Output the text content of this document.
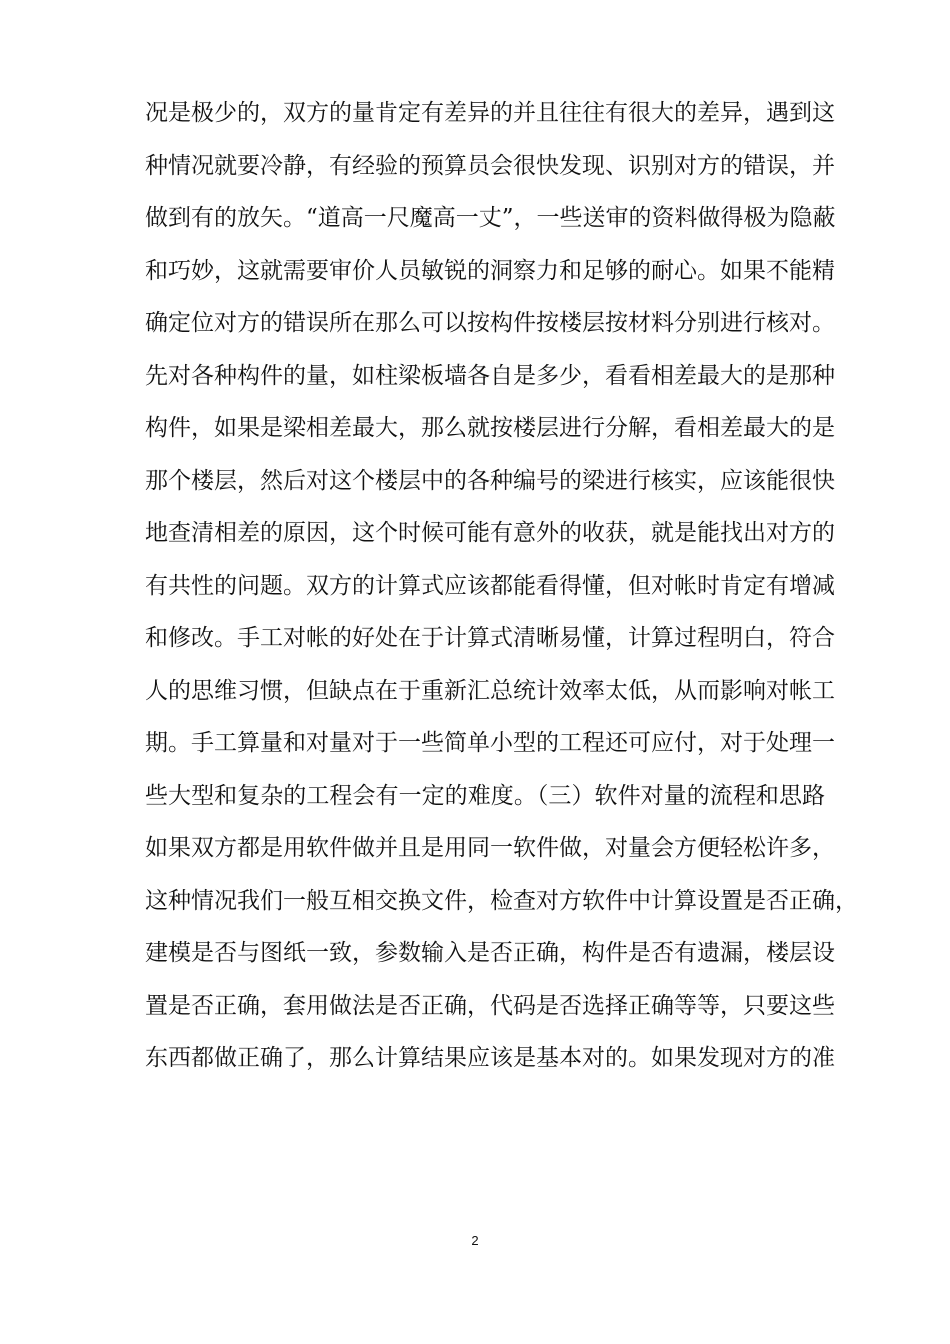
况是极少的，双方的量肯定有差异的并且往往有很大的差异，遇到这
种情况就要冷静，有经验的预算员会很快发现、识别对方的错误，并
做到有的放矢。“道高一尺魔高一丈”，一些送审的资料做得极为隐蔽
和巧妙，这就需要审价人员敏锐的洞察力和足够的耐心。如果不能精
确定位对方的错误所在那么可以按构件按楼层按材料分别进行核对。
先对各种构件的量，如柱梁板墙各自是多少，看看相差最大的是那种
构件，如果是梁相差最大，那么就按楼层进行分解，看相差最大的是
那个楼层，然后对这个楼层中的各种编号的梁进行核实，应该能很快
地查清相差的原因，这个时候可能有意外的收获，就是能找出对方的
有共性的问题。双方的计算式应该都能看得懂，但对帐时肯定有增减
和修改。手工对帐的好处在于计算式清晰易懂，计算过程明白，符合
人的思维习惯，但缺点在于重新汇总统计效率太低，从而影响对帐工
期。手工算量和对量对于一些简单小型的工程还可应付，对于处理一
些大型和复杂的工程会有一定的难度。（三）软件对量的流程和思路
如果双方都是用软件做并且是用同一软件做，对量会方便轻松许多，
这种情况我们一般互相交换文件，检查对方软件中计算设置是否正确，
建模是否与图纸一致，参数输入是否正确，构件是否有遗漏，楼层设
置是否正确，套用做法是否正确，代码是否选择正确等等，只要这些
东西都做正确了，那么计算结果应该是基本对的。如果发现对方的准
2
